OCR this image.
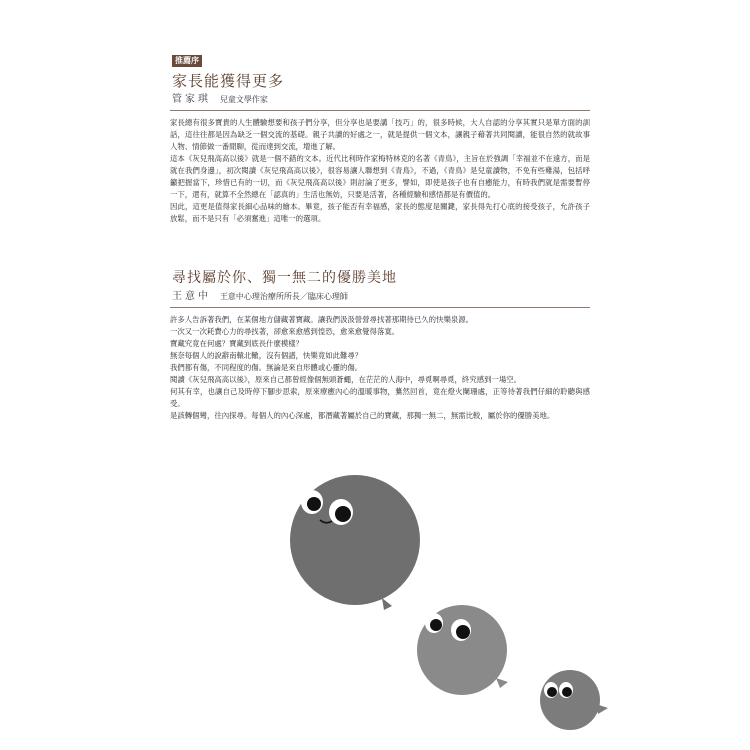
推薦序
家長能獲得更多
管家琪 兒童文學作家

家長總有很多寶貴的人生體驗想要和孩子們分享，但分享也是要講「技巧」的，很多時候，大人自認的分享其實只是單方面的訓話，這往往都是因為缺乏一個交流的基礎。親子共讀的好處之一，就是提供一個文本，讓親子藉著共同閱讀，能很自然的就故事人物、情節做一番閒聊，從而達到交流，增進了解。

這本《灰兒飛高高以後》就是一個不錯的文本。近代比利時作家梅特林克的名著《青鳥》，主旨在於強調「幸福並不在遠方，而是就在我們身邊」，初次閱讀《灰兒飛高高以後》，很容易讓人聯想到《青鳥》，不過，《青鳥》是兒童讀物，不免有些雞湯，包括呼籲把握當下，珍惜已有的一切，而《灰兒飛高高以後》則討論了更多，譬如，即使是孩子也有自癒能力，有時我們就是需要暫停一下，還有，就算不全然總在「認真的」生活也無妨，只要是活著，各種經驗和感悟都是有價值的。

因此，這更是值得家長細心品味的繪本。畢竟，孩子能否有幸福感，家長的態度是關鍵，家長得先打心底的接受孩子，允許孩子放鬆，而不是只有「必須奮進」這唯一的選項。

尋找屬於你、獨一無二的優勝美地
王意中 王意中心理治療所所長／臨床心理師

許多人告訴著我們，在某個地方儲藏著寶藏。讓我們汲汲營營尋找著那期待已久的快樂泉源。

一次又一次耗費心力的尋找著，卻愈來愈感到惶恐，愈來愈覺得落寞。

寶藏究竟在何處？寶藏到底長什麼模樣？

無奈每個人的說辭南轅北轍，沒有個譜，快樂竟如此難尋？

我們都有傷，不同程度的傷。無論是來自形體或心靈的傷。

閱讀《灰兒飛高高以後》，原來自己都曾經像個無頭蒼蠅，在茫茫的人海中，尋覓啊尋覓，終究感到一場空。

何其有幸，也讓自己及時停下腳步思索，原來療癒內心的溫暖事物，驀然回首，竟在燈火闌珊處，正等待著我們仔細的聆聽與感受。

是該轉個彎，往內探尋。每個人的內心深處，都潛藏著屬於自己的寶藏，那獨一無二，無需比較，屬於你的優勝美地。
